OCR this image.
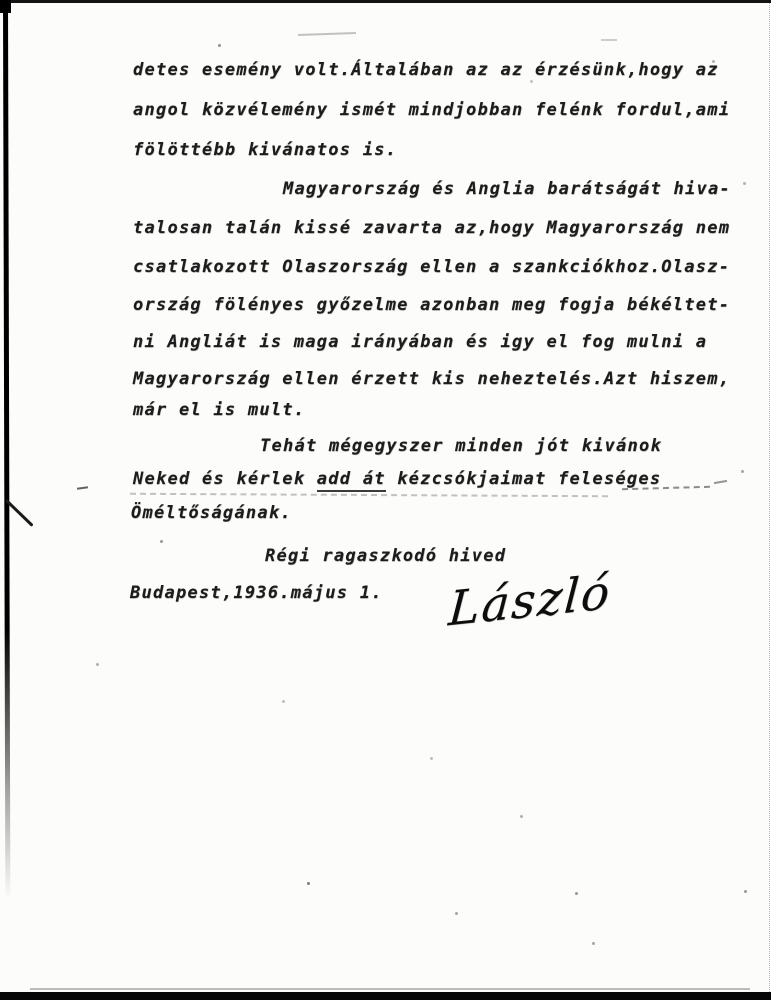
detes esemény volt.Általában az az érzésünk,hogy az
angol közvélemény ismét mindjobban felénk fordul,ami
fölöttébb kivánatos is.
Magyarország és Anglia barátságát hiva-
talosan talán kissé zavarta az,hogy Magyarország nem
csatlakozott Olaszország ellen a szankciókhoz.Olasz-
ország fölényes győzelme azonban meg fogja békéltet-
ni Angliát is maga irányában és igy el fog mulni a
Magyarország ellen érzett kis neheztelés.Azt hiszem,
már el is mult.
Tehát mégegyszer minden jót kivánok
Neked és kérlek add át kézcsókjaimat feleséges
Öméltőságának.
Régi ragaszkodó hived
Budapest,1936.május 1. László
